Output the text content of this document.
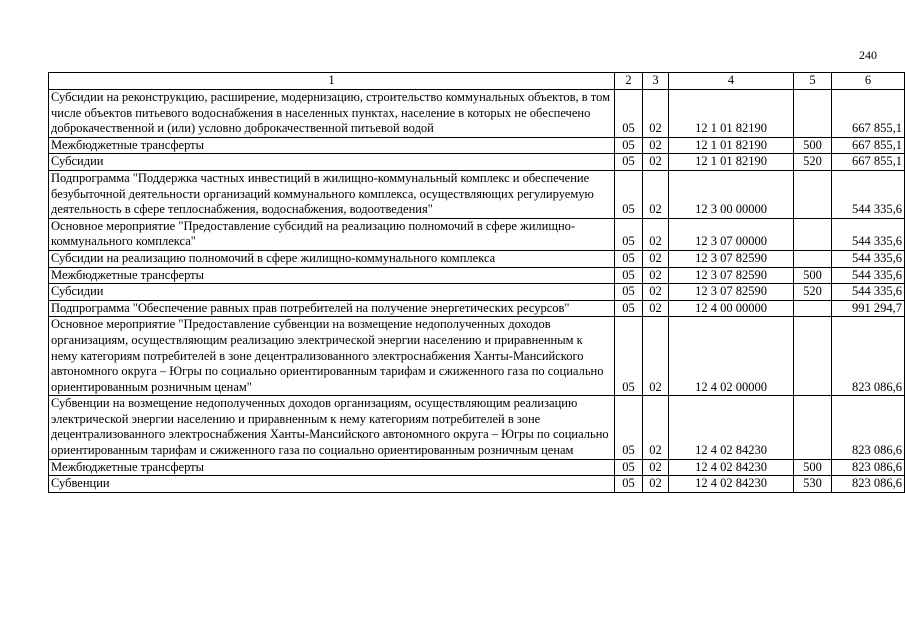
240
1	2	3	4	5	6
Субсидии на реконструкцию, расширение, модернизацию, строительство коммунальных объектов, в том числе объектов питьевого водоснабжения в населенных пунктах, население в которых не обеспечено доброкачественной и (или) условно доброкачественной питьевой водой	05	02	12 1 01 82190		667 855,1
Межбюджетные трансферты	05	02	12 1 01 82190	500	667 855,1
Субсидии	05	02	12 1 01 82190	520	667 855,1
Подпрограмма "Поддержка частных инвестиций в жилищно-коммунальный комплекс и обеспечение безубыточной деятельности организаций коммунального комплекса, осуществляющих регулируемую деятельность в сфере теплоснабжения, водоснабжения, водоотведения"	05	02	12 3 00 00000		544 335,6
Основное мероприятие "Предоставление субсидий на реализацию полномочий в сфере жилищно-коммунального комплекса"	05	02	12 3 07 00000		544 335,6
Субсидии на реализацию полномочий в сфере жилищно-коммунального комплекса	05	02	12 3 07 82590		544 335,6
Межбюджетные трансферты	05	02	12 3 07 82590	500	544 335,6
Субсидии	05	02	12 3 07 82590	520	544 335,6
Подпрограмма "Обеспечение равных прав потребителей на получение энергетических ресурсов"	05	02	12 4 00 00000		991 294,7
Основное мероприятие "Предоставление субвенции на возмещение недополученных доходов организациям, осуществляющим реализацию электрической энергии населению и приравненным к нему категориям потребителей в зоне децентрализованного электроснабжения Ханты-Мансийского автономного округа – Югры по социально ориентированным тарифам и сжиженного газа по социально ориентированным розничным ценам"	05	02	12 4 02 00000		823 086,6
Субвенции на возмещение недополученных доходов организациям, осуществляющим реализацию электрической энергии населению и приравненным к нему категориям потребителей в зоне децентрализованного электроснабжения Ханты-Мансийского автономного округа – Югры по социально ориентированным тарифам и сжиженного газа по социально ориентированным розничным ценам	05	02	12 4 02 84230		823 086,6
Межбюджетные трансферты	05	02	12 4 02 84230	500	823 086,6
Субвенции	05	02	12 4 02 84230	530	823 086,6
